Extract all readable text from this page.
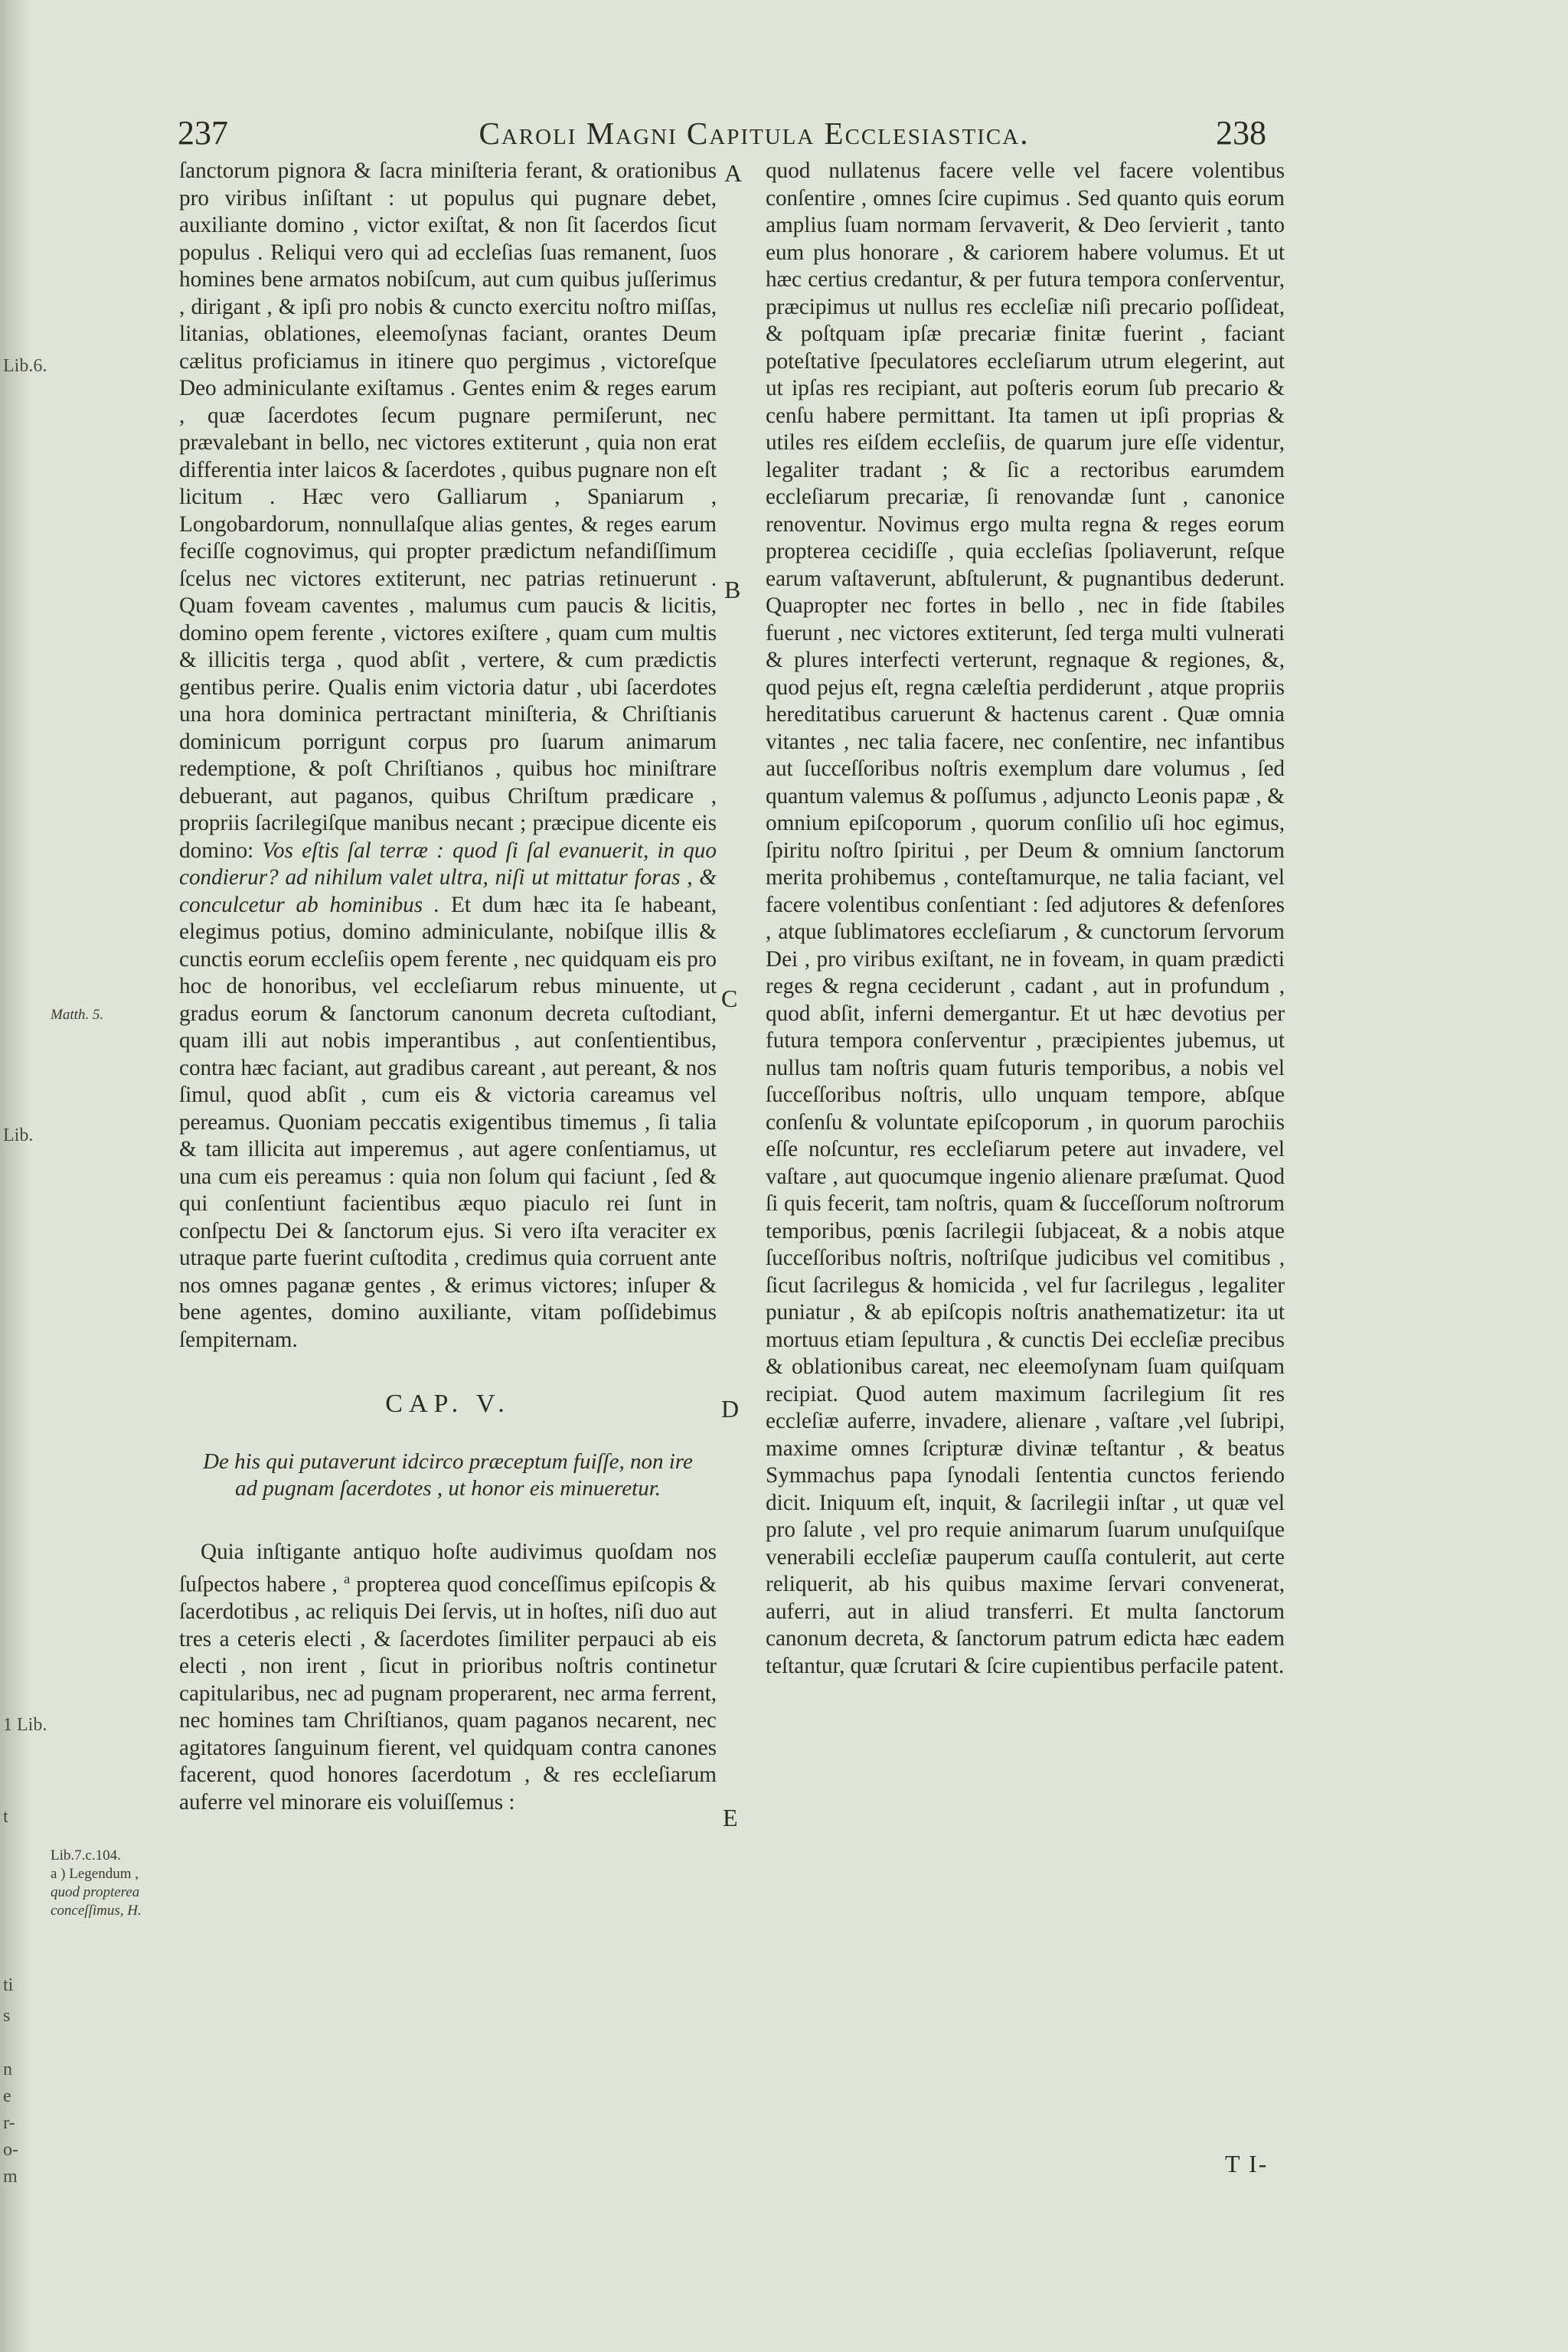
Lib.6.
Lib.
1 Lib.
t
ti
s
n
e
r-
o-
m
237	Caroli Magni Capitula Ecclesiastica.	238
A
B
C
D
E
Matth. 5.
Lib.7.c.104.
a ) Legendum ,
quod propterea conceſſimus, H.

ſanctorum pignora & ſacra miniſteria ferant, & orationibus pro viribus inſiſtant : ut populus qui pugnare debet, auxiliante domino , victor exiſtat, & non ſit ſacerdos ſicut populus . Reliqui vero qui ad eccleſias ſuas remanent, ſuos homines bene armatos nobiſcum, aut cum quibus juſſerimus , dirigant , & ipſi pro nobis & cuncto exercitu noſtro miſſas, litanias, oblationes, eleemoſynas faciant, orantes Deum cælitus proficiamus in itinere quo pergimus , victoreſque Deo adminiculante exiſtamus . Gentes enim & reges earum , quæ ſacerdotes ſecum pugnare permiſerunt, nec prævalebant in bello, nec victores extiterunt , quia non erat differentia inter laicos & ſacerdotes , quibus pugnare non eſt licitum . Hæc vero Galliarum , Spaniarum , Longobardorum, nonnullaſque alias gentes, & reges earum feciſſe cognovimus, qui propter prædictum nefandiſſimum ſcelus nec victores extiterunt, nec patrias retinuerunt . Quam foveam caventes , malumus cum paucis & licitis, domino opem ferente , victores exiſtere , quam cum multis & illicitis terga , quod abſit , vertere, & cum prædictis gentibus perire. Qualis enim victoria datur , ubi ſacerdotes una hora dominica pertractant miniſteria, & Chriſtianis dominicum porrigunt corpus pro ſuarum animarum redemptione, & poſt Chriſtianos , quibus hoc miniſtrare debuerant, aut paganos, quibus Chriſtum prædicare , propriis ſacrilegiſque manibus necant ; præcipue dicente eis domino: Vos eſtis ſal terræ : quod ſi ſal evanuerit, in quo condierur? ad nihilum valet ultra, niſi ut mittatur foras , & conculcetur ab hominibus . Et dum hæc ita ſe habeant, elegimus potius, domino adminiculante, nobiſque illis & cunctis eorum eccleſiis opem ferente , nec quidquam eis pro hoc de honoribus, vel eccleſiarum rebus minuente, ut gradus eorum & ſanctorum canonum decreta cuſtodiant, quam illi aut nobis imperantibus , aut conſentientibus, contra hæc faciant, aut gradibus careant , aut pereant, & nos ſimul, quod abſit , cum eis & victoria careamus vel pereamus. Quoniam peccatis exigentibus timemus , ſi talia & tam illicita aut imperemus , aut agere conſentiamus, ut una cum eis pereamus : quia non ſolum qui faciunt , ſed & qui conſentiunt facientibus æquo piaculo rei ſunt in conſpectu Dei & ſanctorum ejus. Si vero iſta veraciter ex utraque parte fuerint cuſtodita , credimus quia corruent ante nos omnes paganæ gentes , & erimus victores; inſuper & bene agentes, domino auxiliante, vitam poſſidebimus ſempiternam.

CAP. V.
De his qui putaverunt idcirco præceptum fuiſſe, non ire ad pugnam ſacerdotes , ut honor eis minueretur.

Quia inſtigante antiquo hoſte audivimus quoſdam nos ſuſpectos habere , $^a$ propterea quod conceſſimus epiſcopis & ſacerdotibus , ac reliquis Dei ſervis, ut in hoſtes, niſi duo aut tres a ceteris electi , & ſacerdotes ſimiliter perpauci ab eis electi , non irent , ſicut in prioribus noſtris continetur capitularibus, nec ad pugnam properarent, nec arma ferrent, nec homines tam Chriſtianos, quam paganos necarent, nec agitatores ſanguinum fierent, vel quidquam contra canones facerent, quod honores ſacerdotum , & res eccleſiarum auferre vel minorare eis voluiſſemus :

quod nullatenus facere velle vel facere volentibus conſentire , omnes ſcire cupimus . Sed quanto quis eorum amplius ſuam normam ſervaverit, & Deo ſervierit , tanto eum plus honorare , & cariorem habere volumus. Et ut hæc certius credantur, & per futura tempora conſerventur, præcipimus ut nullus res eccleſiæ niſi precario poſſideat, & poſtquam ipſæ precariæ finitæ fuerint , faciant poteſtative ſpeculatores eccleſiarum utrum elegerint, aut ut ipſas res recipiant, aut poſteris eorum ſub precario & cenſu habere permittant. Ita tamen ut ipſi proprias & utiles res eiſdem eccleſiis, de quarum jure eſſe videntur, legaliter tradant ; & ſic a rectoribus earumdem eccleſiarum precariæ, ſi renovandæ ſunt , canonice renoventur. Novimus ergo multa regna & reges eorum propterea cecidiſſe , quia eccleſias ſpoliaverunt, reſque earum vaſtaverunt, abſtulerunt, & pugnantibus dederunt. Quapropter nec fortes in bello , nec in fide ſtabiles fuerunt , nec victores extiterunt, ſed terga multi vulnerati & plures interfecti verterunt, regnaque & regiones, &, quod pejus eſt, regna cæleſtia perdiderunt , atque propriis hereditatibus caruerunt & hactenus carent . Quæ omnia vitantes , nec talia facere, nec conſentire, nec infantibus aut ſucceſſoribus noſtris exemplum dare volumus , ſed quantum valemus & poſſumus , adjuncto Leonis papæ , & omnium epiſcoporum , quorum conſilio uſi hoc egimus, ſpiritu noſtro ſpiritui , per Deum & omnium ſanctorum merita prohibemus , conteſtamurque, ne talia faciant, vel facere volentibus conſentiant : ſed adjutores & defenſores , atque ſublimatores eccleſiarum , & cunctorum ſervorum Dei , pro viribus exiſtant, ne in foveam, in quam prædicti reges & regna ceciderunt , cadant , aut in profundum , quod abſit, inferni demergantur. Et ut hæc devotius per futura tempora conſerventur , præcipientes jubemus, ut nullus tam noſtris quam futuris temporibus, a nobis vel ſucceſſoribus noſtris, ullo unquam tempore, abſque conſenſu & voluntate epiſcoporum , in quorum parochiis eſſe noſcuntur, res eccleſiarum petere aut invadere, vel vaſtare , aut quocumque ingenio alienare præſumat. Quod ſi quis fecerit, tam noſtris, quam & ſucceſſorum noſtrorum temporibus, pœnis ſacrilegii ſubjaceat, & a nobis atque ſucceſſoribus noſtris, noſtriſque judicibus vel comitibus , ſicut ſacrilegus & homicida , vel fur ſacrilegus , legaliter puniatur , & ab epiſcopis noſtris anathematizetur: ita ut mortuus etiam ſepultura , & cunctis Dei eccleſiæ precibus & oblationibus careat, nec eleemoſynam ſuam quiſquam recipiat. Quod autem maximum ſacrilegium ſit res eccleſiæ auferre, invadere, alienare , vaſtare ,vel ſubripi, maxime omnes ſcripturæ divinæ teſtantur , & beatus Symmachus papa ſynodali ſententia cunctos feriendo dicit. Iniquum eſt, inquit, & ſacrilegii inſtar , ut quæ vel pro ſalute , vel pro requie animarum ſuarum unuſquiſque venerabili eccleſiæ pauperum cauſſa contulerit, aut certe reliquerit, ab his quibus maxime ſervari convenerat, auferri, aut in aliud transferri. Et multa ſanctorum canonum decreta, & ſanctorum patrum edicta hæc eadem teſtantur, quæ ſcrutari & ſcire cupientibus perfacile patent.

T I-
